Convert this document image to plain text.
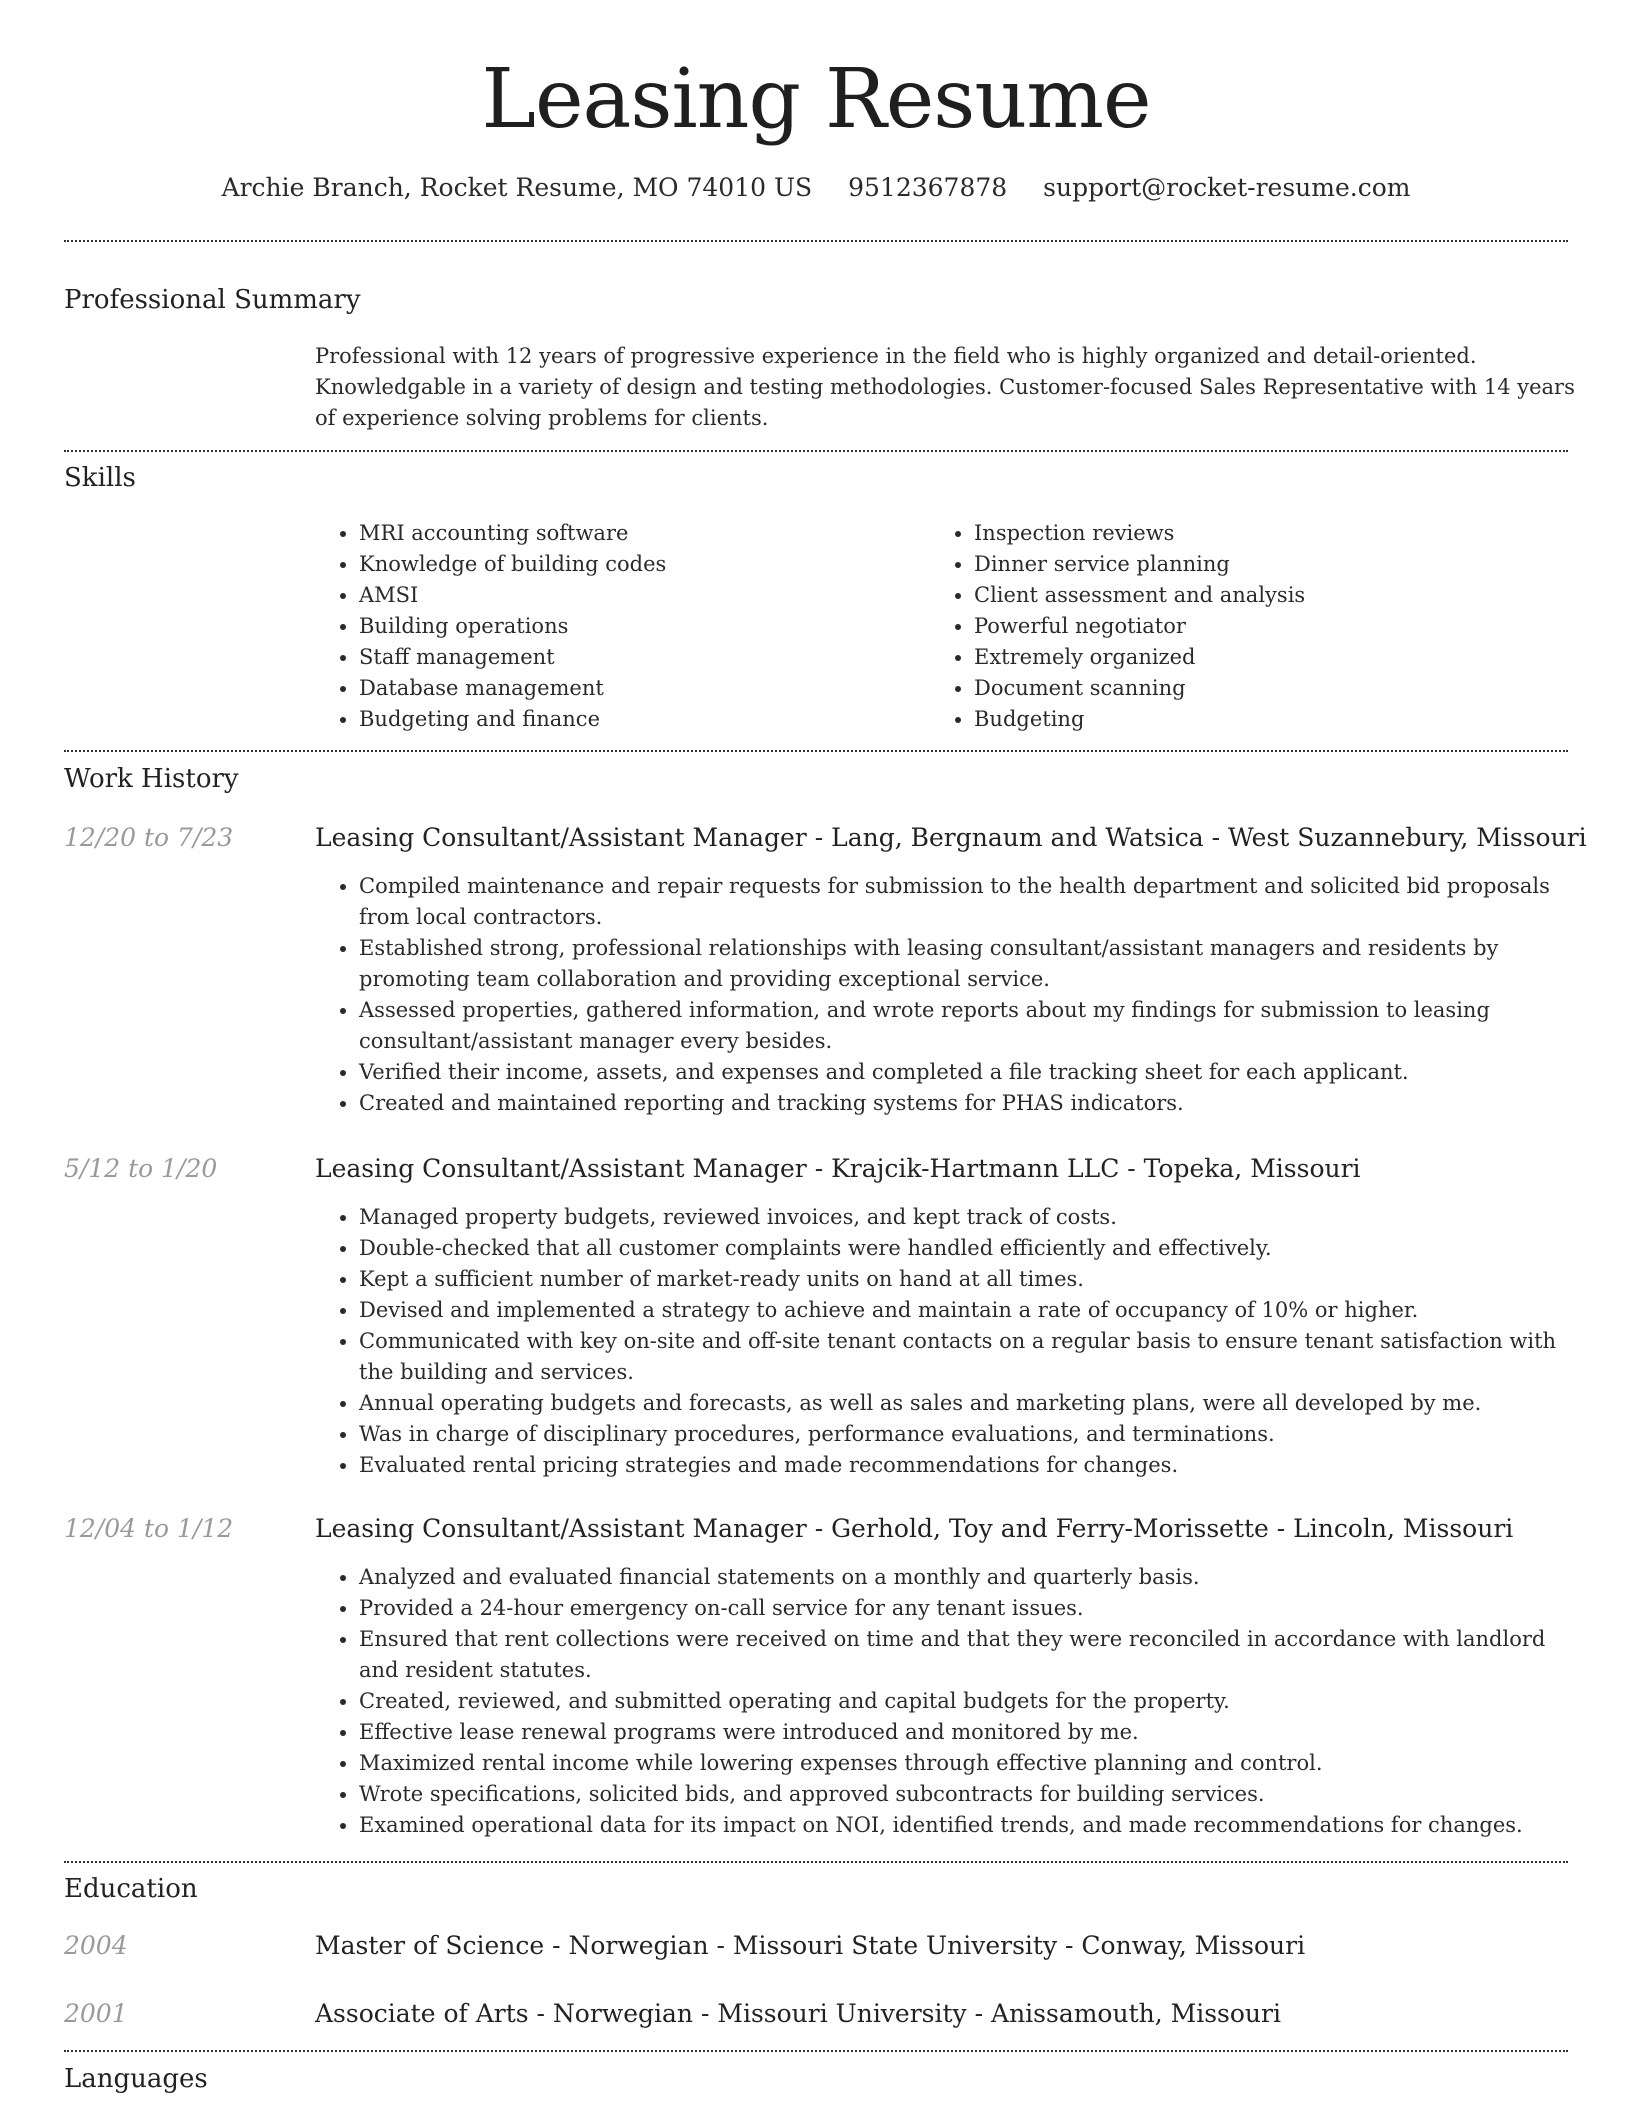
Leasing Resume
Archie Branch, Rocket Resume, MO 74010 US 9512367878 support@rocket-resume.com
Professional Summary
Professional with 12 years of progressive experience in the field who is highly organized and detail-oriented. Knowledgable in a variety of design and testing methodologies. Customer-focused Sales Representative with 14 years of experience solving problems for clients.
Skills
• MRI accounting software
• Knowledge of building codes
• AMSI
• Building operations
• Staff management
• Database management
• Budgeting and finance
• Inspection reviews
• Dinner service planning
• Client assessment and analysis
• Powerful negotiator
• Extremely organized
• Document scanning
• Budgeting
Work History
12/20 to 7/23	Leasing Consultant/Assistant Manager - Lang, Bergnaum and Watsica - West Suzannebury, Missouri
• Compiled maintenance and repair requests for submission to the health department and solicited bid proposals from local contractors.
• Established strong, professional relationships with leasing consultant/assistant managers and residents by promoting team collaboration and providing exceptional service.
• Assessed properties, gathered information, and wrote reports about my findings for submission to leasing consultant/assistant manager every besides.
• Verified their income, assets, and expenses and completed a file tracking sheet for each applicant.
• Created and maintained reporting and tracking systems for PHAS indicators.
5/12 to 1/20	Leasing Consultant/Assistant Manager - Krajcik-Hartmann LLC - Topeka, Missouri
• Managed property budgets, reviewed invoices, and kept track of costs.
• Double-checked that all customer complaints were handled efficiently and effectively.
• Kept a sufficient number of market-ready units on hand at all times.
• Devised and implemented a strategy to achieve and maintain a rate of occupancy of 10% or higher.
• Communicated with key on-site and off-site tenant contacts on a regular basis to ensure tenant satisfaction with the building and services.
• Annual operating budgets and forecasts, as well as sales and marketing plans, were all developed by me.
• Was in charge of disciplinary procedures, performance evaluations, and terminations.
• Evaluated rental pricing strategies and made recommendations for changes.
12/04 to 1/12	Leasing Consultant/Assistant Manager - Gerhold, Toy and Ferry-Morissette - Lincoln, Missouri
• Analyzed and evaluated financial statements on a monthly and quarterly basis.
• Provided a 24-hour emergency on-call service for any tenant issues.
• Ensured that rent collections were received on time and that they were reconciled in accordance with landlord and resident statutes.
• Created, reviewed, and submitted operating and capital budgets for the property.
• Effective lease renewal programs were introduced and monitored by me.
• Maximized rental income while lowering expenses through effective planning and control.
• Wrote specifications, solicited bids, and approved subcontracts for building services.
• Examined operational data for its impact on NOI, identified trends, and made recommendations for changes.
Education
2004	Master of Science - Norwegian - Missouri State University - Conway, Missouri
2001	Associate of Arts - Norwegian - Missouri University - Anissamouth, Missouri
Languages
